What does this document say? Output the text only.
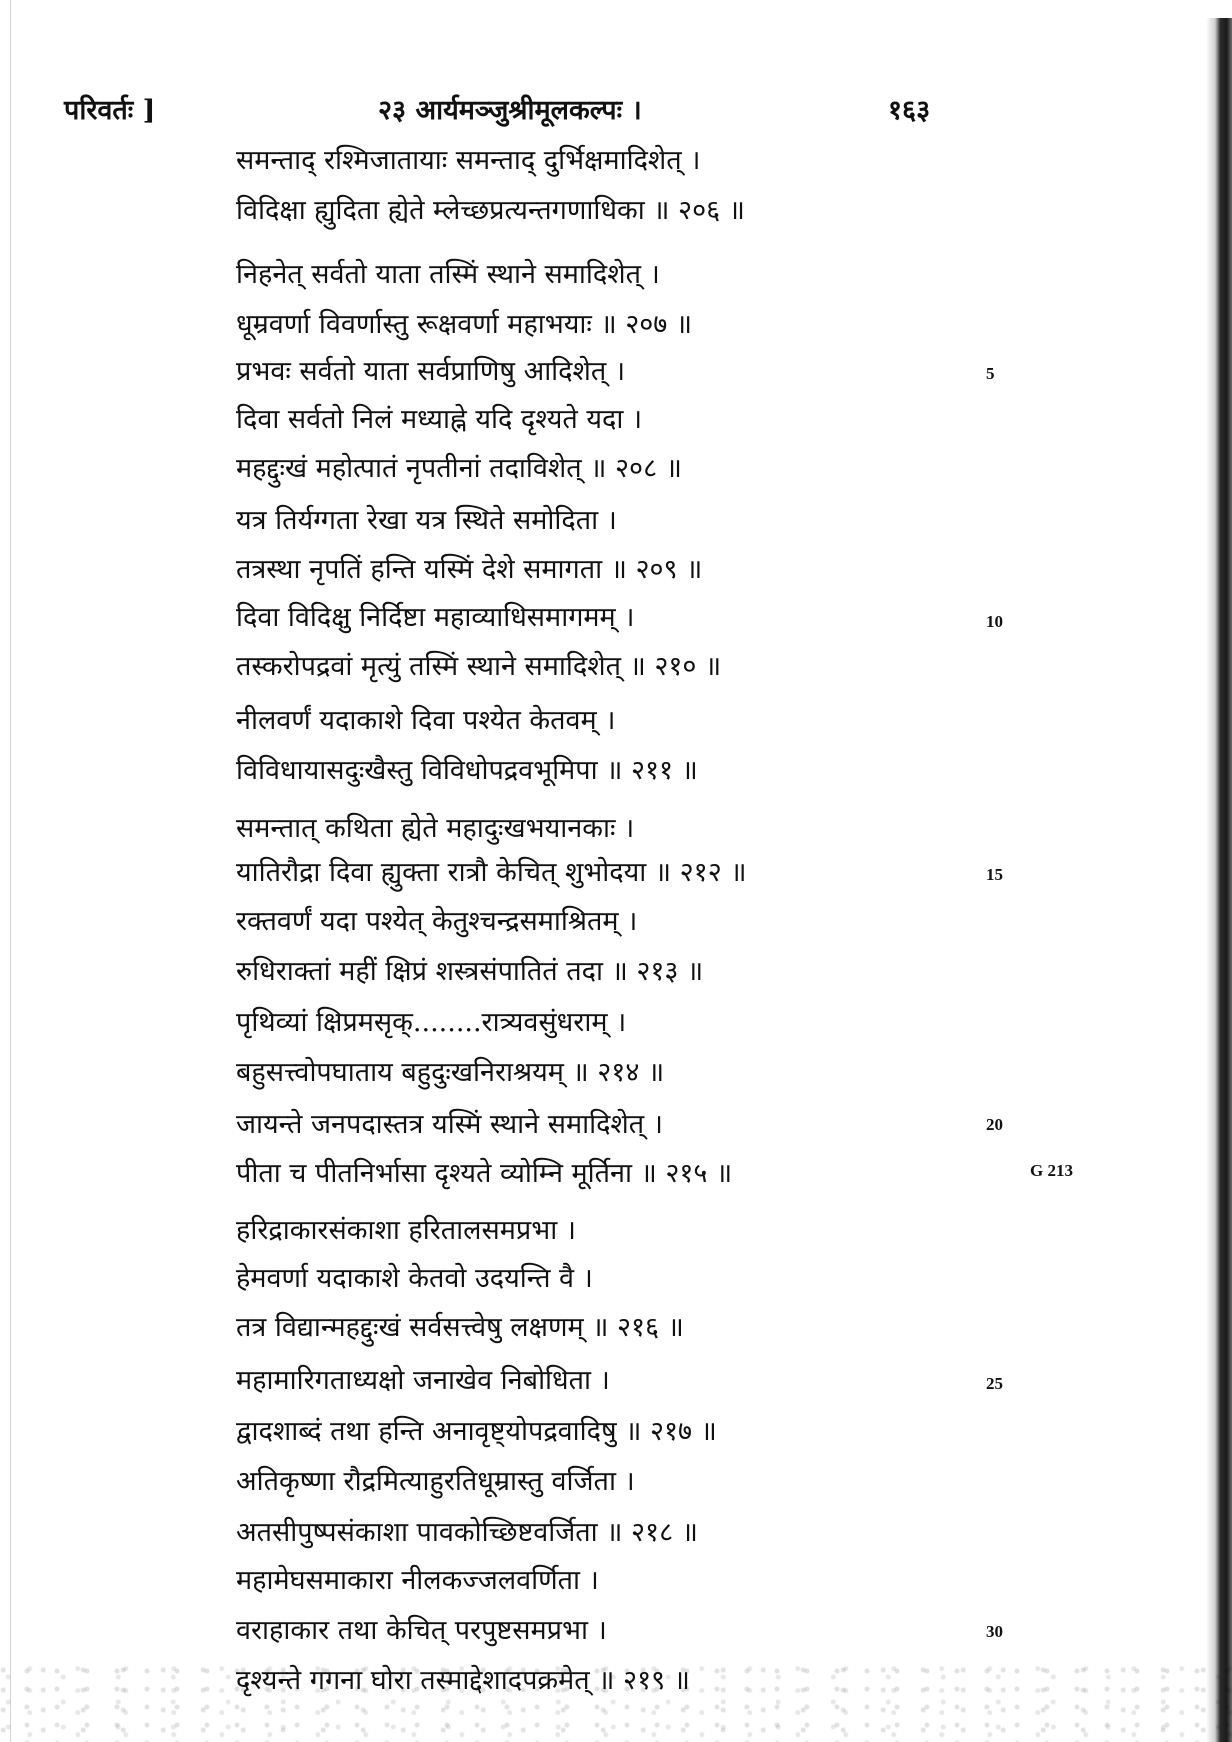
परिवर्तः ]	२३ आर्यमञ्जुश्रीमूलकल्पः ।	१६३
समन्ताद् रश्मिजातायाः समन्ताद् दुर्भिक्षमादिशेत् ।
विदिक्षा ह्युदिता ह्येते म्लेच्छप्रत्यन्तगणाधिका ॥ २०६ ॥
निहनेत् सर्वतो याता तस्मिं स्थाने समादिशेत् ।
धूम्रवर्णा विवर्णास्तु रूक्षवर्णा महाभयाः ॥ २०७ ॥
प्रभवः सर्वतो याता सर्वप्राणिषु आदिशेत् ।
दिवा सर्वतो निलं मध्याह्ने यदि दृश्यते यदा ।
महद्दुःखं महोत्पातं नृपतीनां तदाविशेत् ॥ २०८ ॥
यत्र तिर्यग्गता रेखा यत्र स्थिते समोदिता ।
तत्रस्था नृपतिं हन्ति यस्मिं देशे समागता ॥ २०९ ॥
दिवा विदिक्षु निर्दिष्टा महाव्याधिसमागमम् ।
तस्करोपद्रवां मृत्युं तस्मिं स्थाने समादिशेत् ॥ २१० ॥
नीलवर्णं यदाकाशे दिवा पश्येत केतवम् ।
विविधायासदुःखैस्तु विविधोपद्रवभूमिपा ॥ २११ ॥
समन्तात् कथिता ह्येते महादुःखभयानकाः ।
यातिरौद्रा दिवा ह्युक्ता रात्रौ केचित् शुभोदया ॥ २१२ ॥
रक्तवर्णं यदा पश्येत् केतुश्चन्द्रसमाश्रितम् ।
रुधिराक्तां महीं क्षिप्रं शस्त्रसंपातितं तदा ॥ २१३ ॥
पृथिव्यां क्षिप्रमसृक्........रात्र्यवसुंधराम् ।
बहुसत्त्वोपघाताय बहुदुःखनिराश्रयम् ॥ २१४ ॥
जायन्ते जनपदास्तत्र यस्मिं स्थाने समादिशेत् ।
पीता च पीतनिर्भासा दृश्यते व्योम्नि मूर्तिना ॥ २१५ ॥
हरिद्राकारसंकाशा हरितालसमप्रभा ।
हेमवर्णा यदाकाशे केतवो उदयन्ति वै ।
तत्र विद्यान्महद्दुःखं सर्वसत्त्वेषु लक्षणम् ॥ २१६ ॥
महामारिगताध्यक्षो जनाखेव निबोधिता ।
द्वादशाब्दं तथा हन्ति अनावृष्ट्योपद्रवादिषु ॥ २१७ ॥
अतिकृष्णा रौद्रमित्याहुरतिधूम्रास्तु वर्जिता ।
अतसीपुष्पसंकाशा पावकोच्छिष्टवर्जिता ॥ २१८ ॥
महामेघसमाकारा नीलकज्जलवर्णिता ।
वराहाकार तथा केचित् परपुष्टसमप्रभा ।
दृश्यन्ते गगना घोरा तस्माद्देशादपक्रमेत् ॥ २१९ ॥
5
10
15
20
25
30
G 213
